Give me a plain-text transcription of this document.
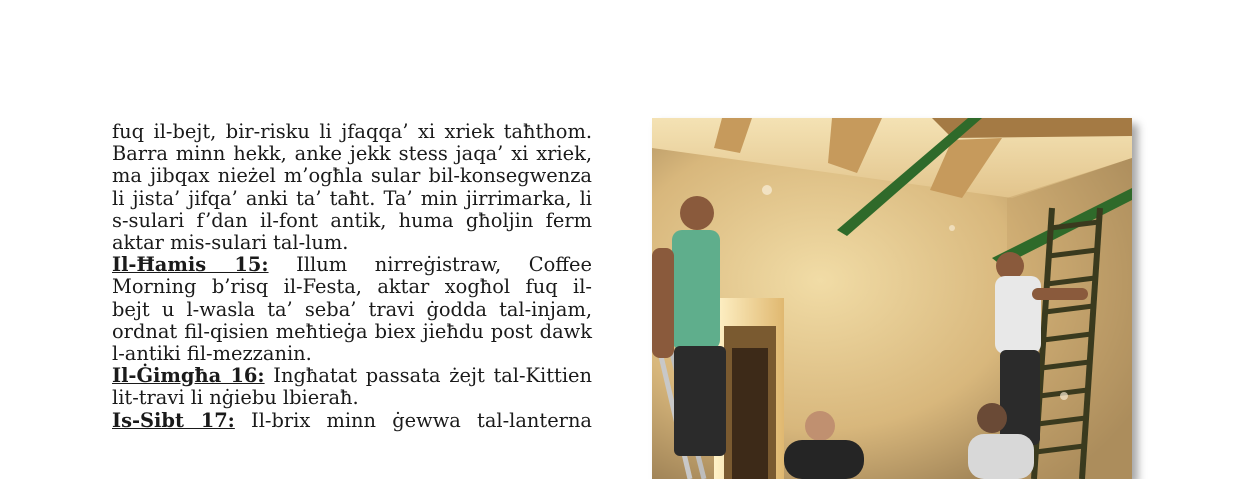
fuq il-bejt, bir-risku li jfaqqa’ xi xriek taħthom.
Barra minn hekk, anke jekk stess jaqa’ xi xriek,
ma jibqax nieżel m’ogħla sular bil-konsegwenza
li jista’ jifqa’ anki ta’ taħt. Ta’ min jirrimarka, li
s-sulari f’dan il-font antik, huma għoljin ferm
aktar mis-sulari tal-lum.
Il-Ħamis 15: Illum nirreġistraw, Coffee
Morning b’risq il-Festa, aktar xogħol fuq il-
bejt u l-wasla ta’ seba’ travi ġodda tal-injam,
ordnat fil-qisien meħtieġa biex jieħdu post dawk
l-antiki fil-mezzanin.
Il-Ġimgħa 16: Ingħatat passata żejt tal-Kittien
lit-travi li nġiebu lbieraħ.
Is-Sibt 17: Il-brix minn ġewwa tal-lanterna
